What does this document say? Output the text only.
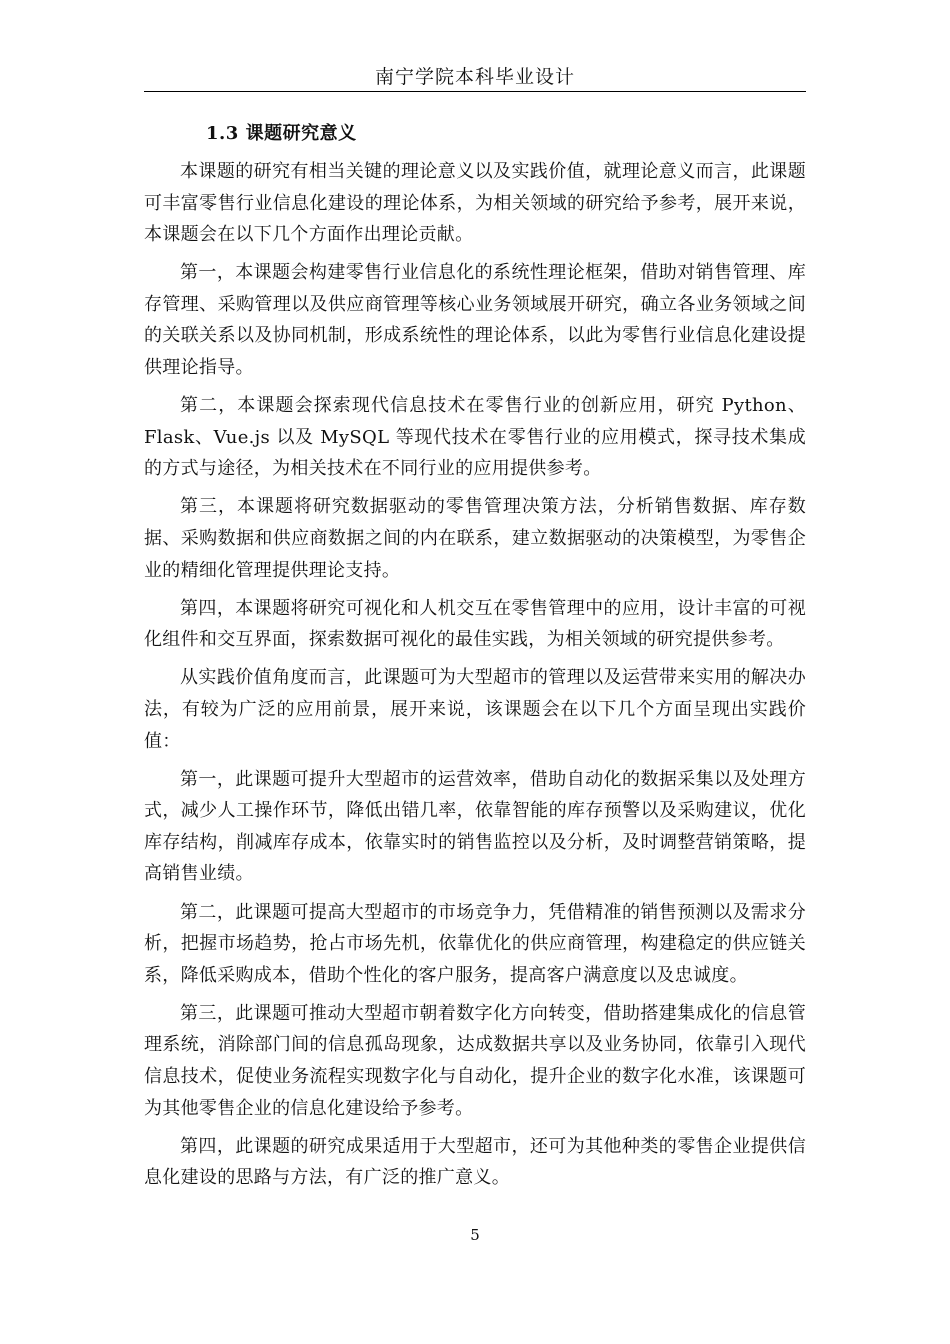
南宁学院本科毕业设计
1.3 课题研究意义

本课题的研究有相当关键的理论意义以及实践价值，就理论意义而言，此课题可丰富零售行业信息化建设的理论体系，为相关领域的研究给予参考，展开来说，本课题会在以下几个方面作出理论贡献。

第一，本课题会构建零售行业信息化的系统性理论框架，借助对销售管理、库存管理、采购管理以及供应商管理等核心业务领域展开研究，确立各业务领域之间的关联关系以及协同机制，形成系统性的理论体系，以此为零售行业信息化建设提供理论指导。

第二，本课题会探索现代信息技术在零售行业的创新应用，研究 Python、Flask、Vue.js 以及 MySQL 等现代技术在零售行业的应用模式，探寻技术集成的方式与途径，为相关技术在不同行业的应用提供参考。

第三，本课题将研究数据驱动的零售管理决策方法，分析销售数据、库存数据、采购数据和供应商数据之间的内在联系，建立数据驱动的决策模型，为零售企业的精细化管理提供理论支持。

第四，本课题将研究可视化和人机交互在零售管理中的应用，设计丰富的可视化组件和交互界面，探索数据可视化的最佳实践，为相关领域的研究提供参考。

从实践价值角度而言，此课题可为大型超市的管理以及运营带来实用的解决办法，有较为广泛的应用前景，展开来说，该课题会在以下几个方面呈现出实践价值：

第一，此课题可提升大型超市的运营效率，借助自动化的数据采集以及处理方式，减少人工操作环节，降低出错几率，依靠智能的库存预警以及采购建议，优化库存结构，削减库存成本，依靠实时的销售监控以及分析，及时调整营销策略，提高销售业绩。

第二，此课题可提高大型超市的市场竞争力，凭借精准的销售预测以及需求分析，把握市场趋势，抢占市场先机，依靠优化的供应商管理，构建稳定的供应链关系，降低采购成本，借助个性化的客户服务，提高客户满意度以及忠诚度。

第三，此课题可推动大型超市朝着数字化方向转变，借助搭建集成化的信息管理系统，消除部门间的信息孤岛现象，达成数据共享以及业务协同，依靠引入现代信息技术，促使业务流程实现数字化与自动化，提升企业的数字化水准，该课题可为其他零售企业的信息化建设给予参考。

第四，此课题的研究成果适用于大型超市，还可为其他种类的零售企业提供信息化建设的思路与方法，有广泛的推广意义。

5
